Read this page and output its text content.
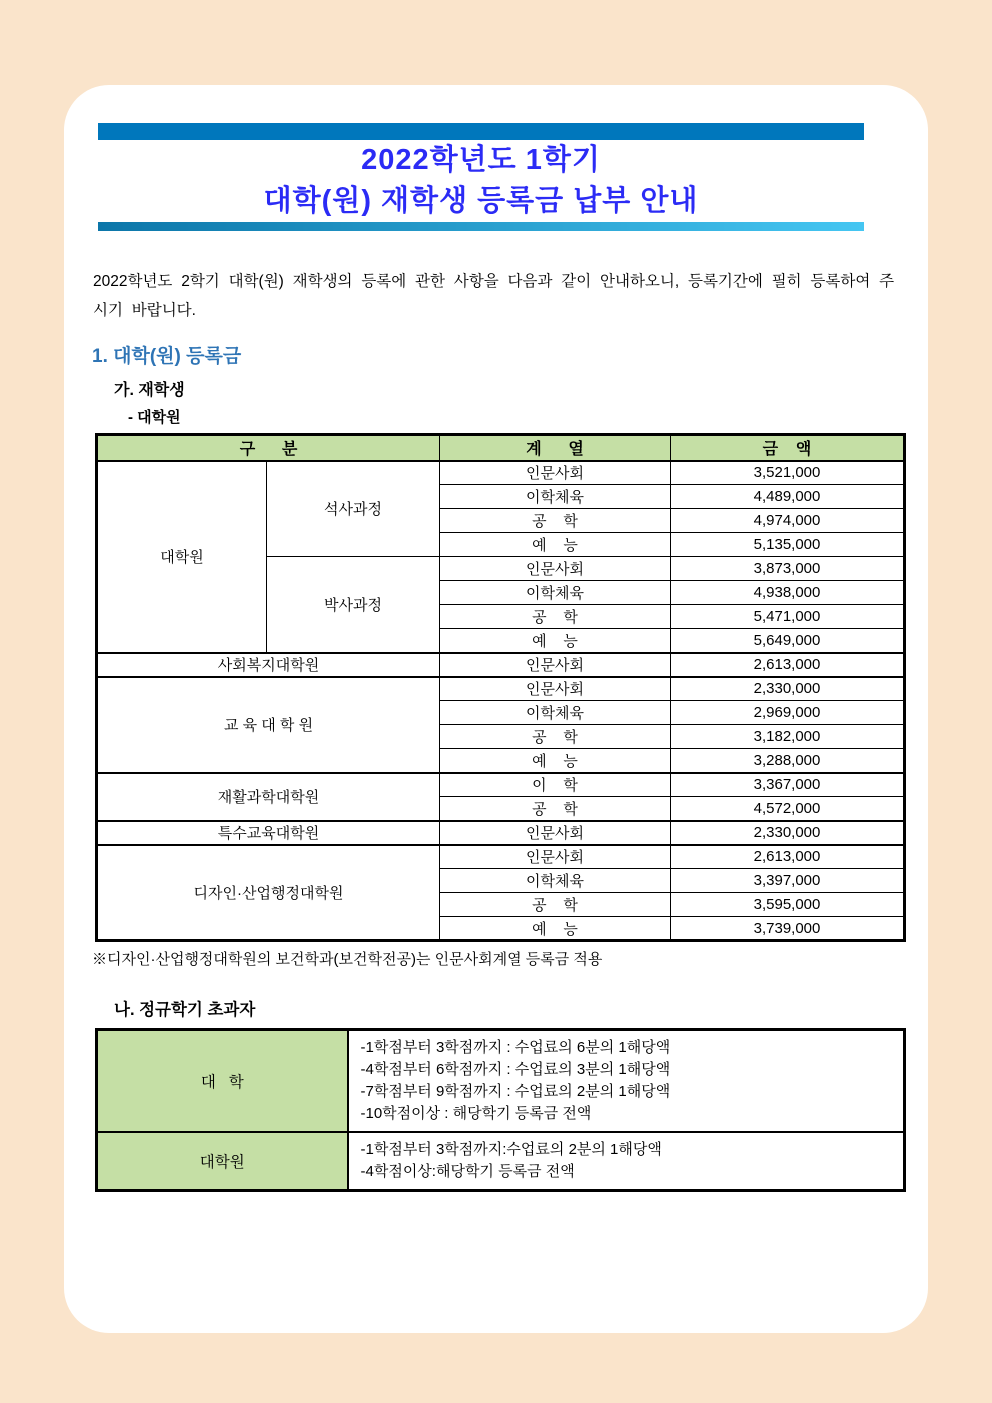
2022학년도 1학기
대학(원) 재학생 등록금 납부 안내

2022학년도 2학기 대학(원) 재학생의 등록에 관한 사항을 다음과 같이 안내하오니, 등록기간에 필히 등록하여 주시기 바랍니다.

1. 대학(원) 등록금
가. 재학생
- 대학원
구      분		계      열	금    액
대학원	석사과정	인문사회	3,521,000
		이학체육	4,489,000
		공    학	4,974,000
		예    능	5,135,000
	박사과정	인문사회	3,873,000
		이학체육	4,938,000
		공    학	5,471,000
		예    능	5,649,000
사회복지대학원		인문사회	2,613,000
교 육 대 학 원		인문사회	2,330,000
		이학체육	2,969,000
		공    학	3,182,000
		예    능	3,288,000
재활과학대학원		이    학	3,367,000
		공    학	4,572,000
특수교육대학원		인문사회	2,330,000
디자인·산업행정대학원		인문사회	2,613,000
		이학체육	3,397,000
		공    학	3,595,000
		예    능	3,739,000
※디자인·산업행정대학원의 보건학과(보건학전공)는 인문사회계열 등록금 적용
나. 정규학기 초과자
대   학	-1학점부터 3학점까지 : 수업료의 6분의 1해당액
-4학점부터 6학점까지 : 수업료의 3분의 1해당액
-7학점부터 9학점까지 : 수업료의 2분의 1해당액
-10학점이상 : 해당학기 등록금 전액

대학원	-1학점부터 3학점까지:수업료의 2분의 1해당액
-4학점이상:해당학기 등록금 전액
